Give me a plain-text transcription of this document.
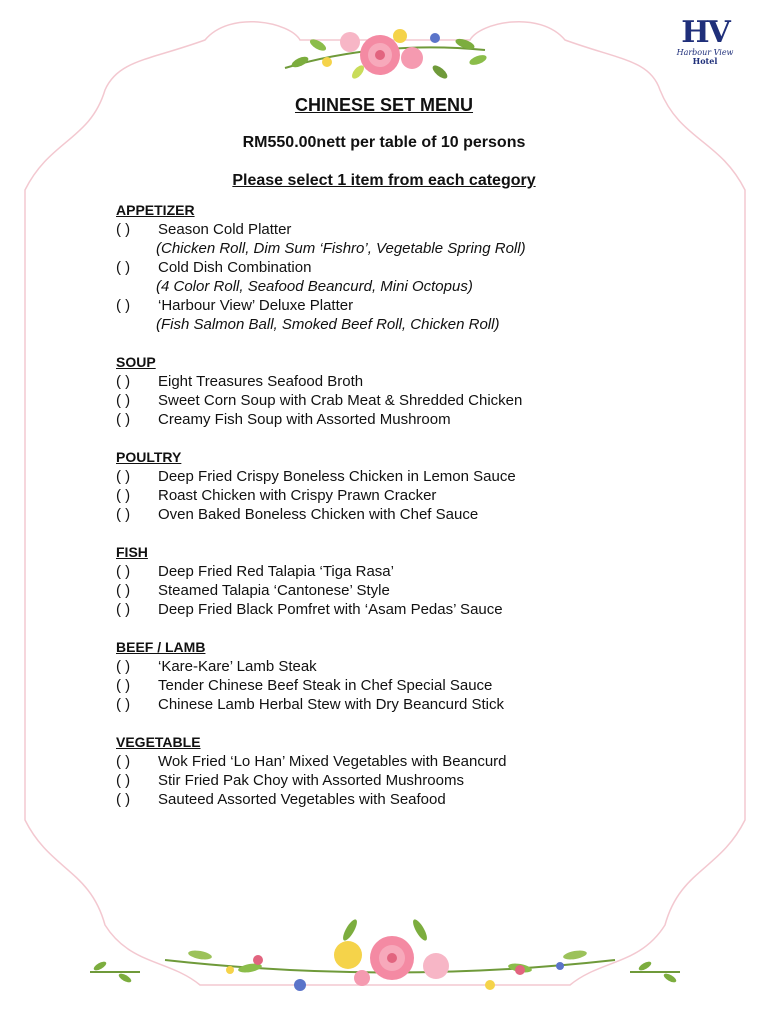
HV
Harbour View
Hotel
CHINESE SET MENU
RM550.00nett per table of 10 persons
Please select 1 item from each category
APPETIZER
( ) Season Cold Platter
(Chicken Roll, Dim Sum ‘Fishro’, Vegetable Spring Roll)
( ) Cold Dish Combination
(4 Color Roll, Seafood Beancurd, Mini Octopus)
( ) ‘Harbour View’ Deluxe Platter
(Fish Salmon Ball, Smoked Beef Roll, Chicken Roll)
SOUP
( ) Eight Treasures Seafood Broth
( ) Sweet Corn Soup with Crab Meat & Shredded Chicken
( ) Creamy Fish Soup with Assorted Mushroom
POULTRY
( ) Deep Fried Crispy Boneless Chicken in Lemon Sauce
( ) Roast Chicken with Crispy Prawn Cracker
( ) Oven Baked Boneless Chicken with Chef Sauce
FISH
( ) Deep Fried Red Talapia ‘Tiga Rasa’
( ) Steamed Talapia ‘Cantonese’ Style
( ) Deep Fried Black Pomfret with ‘Asam Pedas’ Sauce
BEEF / LAMB
( ) ‘Kare-Kare’ Lamb Steak
( ) Tender Chinese Beef Steak in Chef Special Sauce
( ) Chinese Lamb Herbal Stew with Dry Beancurd Stick
VEGETABLE
( ) Wok Fried ‘Lo Han’ Mixed Vegetables with Beancurd
( ) Stir Fried Pak Choy with Assorted Mushrooms
( ) Sauteed Assorted Vegetables with Seafood
